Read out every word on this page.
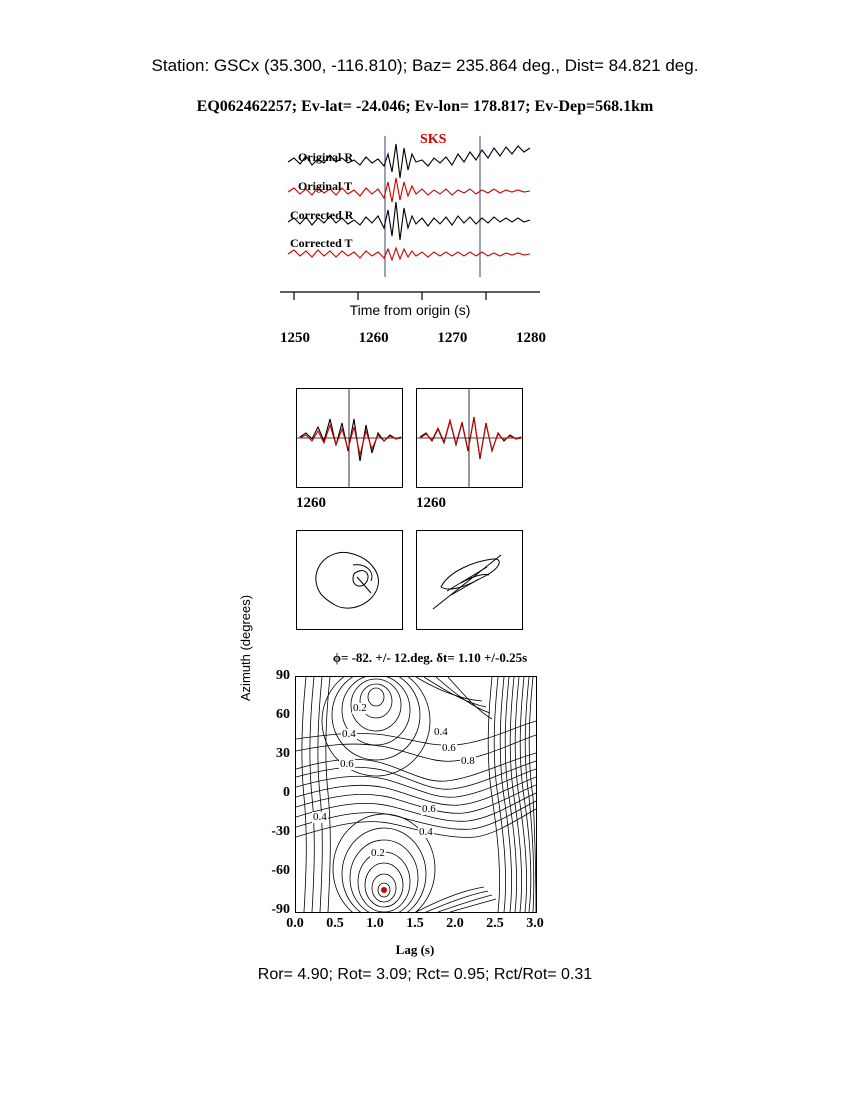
Station: GSCx (35.300, -116.810); Baz= 235.864 deg., Dist= 84.821 deg.
EQ062462257; Ev-lat= -24.046; Ev-lon= 178.817; Ev-Dep=568.1km
SKS
Original R
Original T
Corrected R
Corrected T
Time from origin (s)
1250	1260	1270	1280
1260	1260
ϕ= -82. +/- 12.deg. δt= 1.10 +/-0.25s
Azimuth (degrees)	90
60
30
0
-30
-60
-90
0.2
0.4
0.6
0.4
0.6
0.8
0.4
0.6
0.4
0.2
0.0	0.5	1.0	1.5	2.0	2.5	3.0
Lag (s)
Ror= 4.90; Rot= 3.09; Rct= 0.95; Rct/Rot= 0.31
